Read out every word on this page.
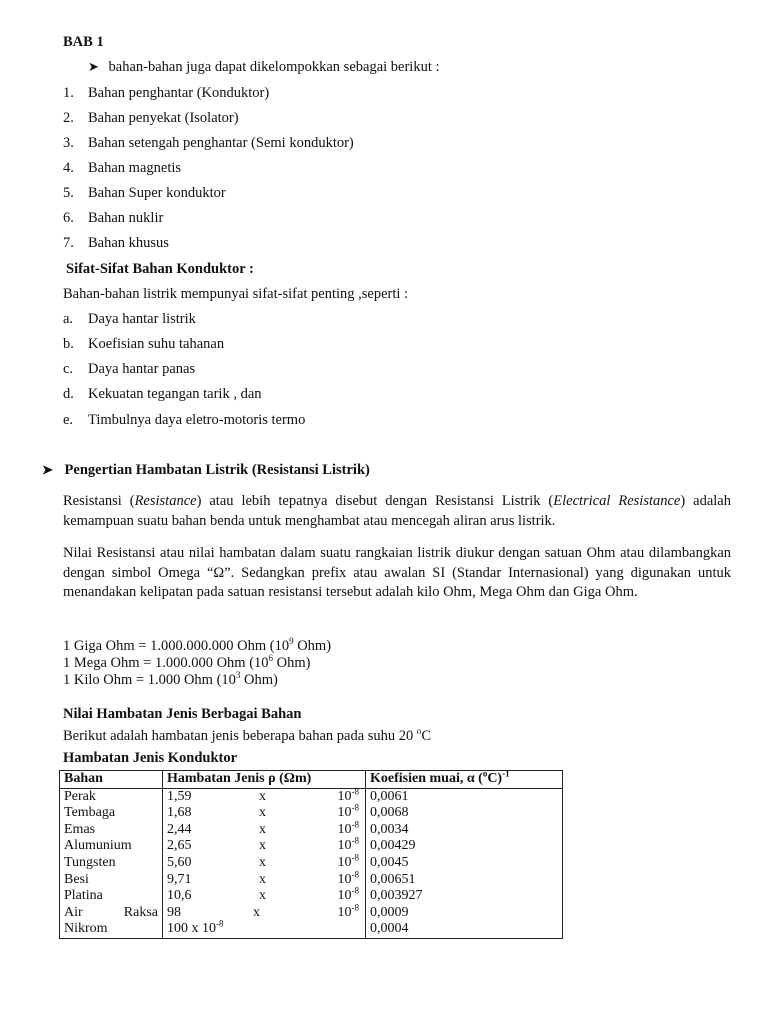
BAB 1
➤ bahan-bahan juga dapat dikelompokkan sebagai berikut :
1. Bahan penghantar (Konduktor)
2. Bahan penyekat (Isolator)
3. Bahan setengah penghantar (Semi konduktor)
4. Bahan magnetis
5. Bahan Super konduktor
6. Bahan nuklir
7. Bahan khusus
Sifat-Sifat Bahan Konduktor :
Bahan-bahan listrik mempunyai sifat-sifat penting ,seperti :
a. Daya hantar listrik
b. Koefisian suhu tahanan
c. Daya hantar panas
d. Kekuatan tegangan tarik , dan
e. Timbulnya daya eletro-motoris termo
➤ Pengertian Hambatan Listrik (Resistansi Listrik)
Resistansi (Resistance) atau lebih tepatnya disebut dengan Resistansi Listrik (Electrical Resistance) adalah kemampuan suatu bahan benda untuk menghambat atau mencegah aliran arus listrik.
Nilai Resistansi atau nilai hambatan dalam suatu rangkaian listrik diukur dengan satuan Ohm atau dilambangkan dengan simbol Omega “Ω”. Sedangkan prefix atau awalan SI (Standar Internasional) yang digunakan untuk menandakan kelipatan pada satuan resistansi tersebut adalah kilo Ohm, Mega Ohm dan Giga Ohm.
1 Giga Ohm = 1.000.000.000 Ohm ($10^9$ Ohm)
1 Mega Ohm = 1.000.000 Ohm ($10^6$ Ohm)
1 Kilo Ohm = 1.000 Ohm ($10^3$ Ohm)
Nilai Hambatan Jenis Berbagai Bahan
Berikut adalah hambatan jenis beberapa bahan pada suhu 20 $^o$C
Hambatan Jenis Konduktor
Bahan	Hambatan Jenis ρ (Ωm)	Koefisien muai, α $(^oC)^{-1}$
Perak	1,59 x $10^{-8}$	0,0061
Tembaga	1,68 x $10^{-8}$	0,0068
Emas	2,44 x $10^{-8}$	0,0034
Alumunium	2,65 x $10^{-8}$	0,00429
Tungsten	5,60 x $10^{-8}$	0,0045
Besi	9,71 x $10^{-8}$	0,00651
Platina	10,6 x $10^{-8}$	0,003927
Air Raksa	98 x $10^{-8}$	0,0009
Nikrom	100 x $10^{-8}$	0,0004
